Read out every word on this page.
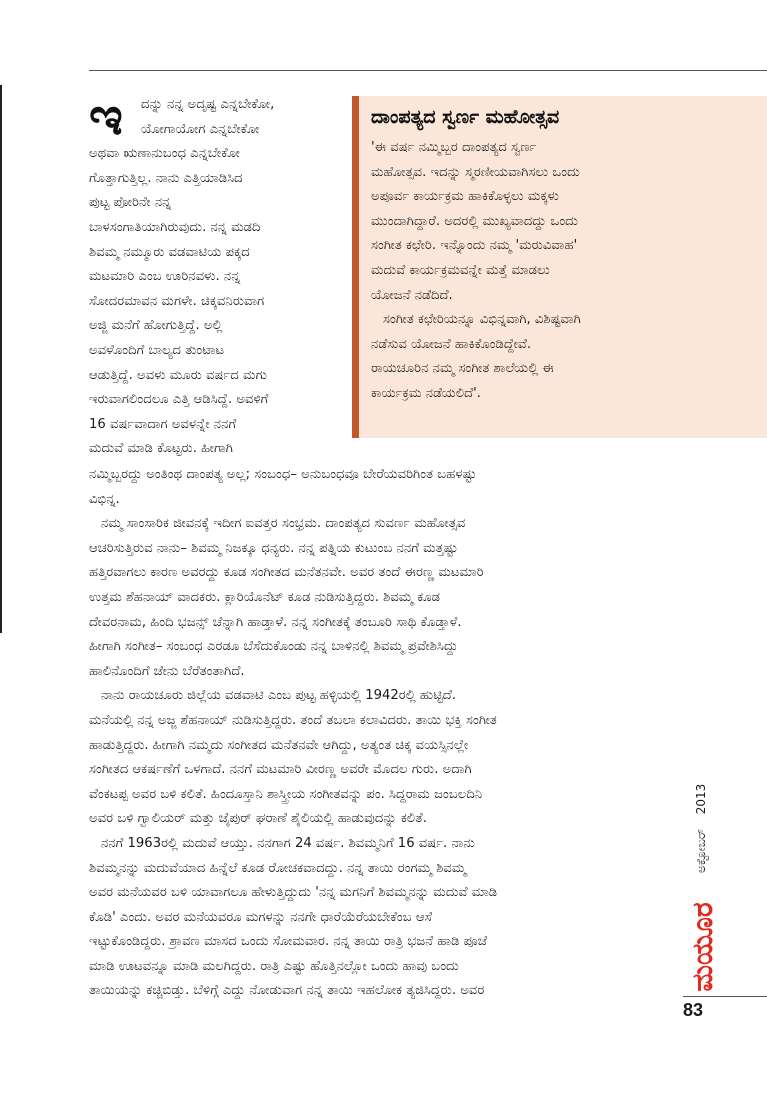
ಇ	ದನ್ನು ನನ್ನ ಅದೃಷ್ಟ ಎನ್ನಬೇಕೋ,
ಯೋಗಾಯೋಗ ಎನ್ನಬೇಕೋ
ಅಥವಾ ಋಣಾನುಬಂಧ ಎನ್ನಬೇಕೋ
ಗೊತ್ತಾಗುತ್ತಿಲ್ಲ. ನಾನು ಎತ್ತಿಯಾಡಿಸಿದ
ಪುಟ್ಟ ಪೋರಿನೇ ನನ್ನ
ಬಾಳಸಂಗಾತಿಯಾಗಿರುವುದು. ನನ್ನ ಮಡದಿ
ಶಿವಮ್ಮ ನಮ್ಮೂರು ವಡವಾಟಿಯ ಪಕ್ಕದ
ಮಟಮಾರಿ ಎಂಬ ಊರಿನವಳು. ನನ್ನ
ಸೋದರಮಾವನ ಮಗಳೇ. ಚಿಕ್ಕವನಿರುವಾಗ
ಅಜ್ಜಿ ಮನೆಗೆ ಹೋಗುತ್ತಿದ್ದೆ. ಅಲ್ಲಿ
ಅವಳೊಂದಿಗೆ ಬಾಲ್ಯದ ತುಂಟಾಟ
ಆಡುತ್ತಿದ್ದೆ. ಅವಳು ಮೂರು ವರ್ಷದ ಮಗು
ಇರುವಾಗಲಿಂದಲೂ ಎತ್ತಿ ಆಡಿಸಿದ್ದೆ. ಅವಳಿಗೆ
16 ವರ್ಷವಾದಾಗ ಅವಳನ್ನೇ ನನಗೆ
ಮದುವೆ ಮಾಡಿ ಕೊಟ್ಟರು. ಹೀಗಾಗಿ
ದಾಂಪತ್ಯದ ಸ್ವರ್ಣ ಮಹೋತ್ಸವ
'ಈ ವರ್ಷ ನಮ್ಮಿಬ್ಬರ ದಾಂಪತ್ಯದ ಸ್ವರ್ಣ
ಮಹೋತ್ಸವ. ಇದನ್ನು ಸ್ಮರಣೀಯವಾಗಿಸಲು ಒಂದು
ಅಪೂರ್ವ ಕಾರ್ಯಕ್ರಮ ಹಾಕಿಕೊಳ್ಳಲು ಮಕ್ಕಳು
ಮುಂದಾಗಿದ್ದಾರೆ. ಅದರಲ್ಲಿ ಮುಖ್ಯವಾದದ್ದು ಒಂದು
ಸಂಗೀತ ಕಛೇರಿ. ಇನ್ನೊಂದು ನಮ್ಮ 'ಮರುವಿವಾಹ'
ಮದುವೆ ಕಾರ್ಯಕ್ರಮವನ್ನೇ ಮತ್ತೆ ಮಾಡಲು
ಯೋಜನೆ ನಡೆದಿದೆ.
ಸಂಗೀತ ಕಛೇರಿಯನ್ನೂ ವಿಭಿನ್ನವಾಗಿ, ವಿಶಿಷ್ಟವಾಗಿ
ನಡೆಸುವ ಯೋಜನೆ ಹಾಕಿಕೊಂಡಿದ್ದೇವೆ.
ರಾಯಚೂರಿನ ನಮ್ಮ ಸಂಗೀತ ಶಾಲೆಯಲ್ಲಿ ಈ
ಕಾರ್ಯಕ್ರಮ ನಡೆಯಲಿದೆ'.
ನಮ್ಮಿಬ್ಬರದ್ದು ಅಂತಿಂಥ ದಾಂಪತ್ಯ ಅಲ್ಲ; ಸಂಬಂಧ– ಅನುಬಂಧವೂ ಬೇರೆಯವರಿಗಿಂತ ಬಹಳಷ್ಟು
ವಿಭಿನ್ನ.
ನಮ್ಮ ಸಾಂಸಾರಿಕ ಜೀವನಕ್ಕೆ ಇದೀಗ ಐವತ್ತರ ಸಂಭ್ರಮ. ದಾಂಪತ್ಯದ ಸುವರ್ಣ ಮಹೋತ್ಸವ
ಆಚರಿಸುತ್ತಿರುವ ನಾನು– ಶಿವಮ್ಮ ನಿಜಕ್ಕೂ ಧನ್ಯರು. ನನ್ನ ಪತ್ನಿಯ ಕುಟುಂಬ ನನಗೆ ಮತ್ತಷ್ಟು
ಹತ್ತಿರವಾಗಲು ಕಾರಣ ಅವರದ್ದು ಕೂಡ ಸಂಗೀತದ ಮನೆತನವೇ. ಅವರ ತಂದೆ ಈರಣ್ಣ ಮಟಮಾರಿ
ಉತ್ತಮ ಶೆಹನಾಯ್ ವಾದಕರು. ಕ್ಲಾರಿಯೊನೆಟ್ ಕೂಡ ನುಡಿಸುತ್ತಿದ್ದರು. ಶಿವಮ್ಮ ಕೂಡ
ದೇವರನಾಮ, ಹಿಂದಿ ಭಜನ್ಸ್ ಚೆನ್ನಾಗಿ ಹಾಡ್ತಾಳೆ. ನನ್ನ ಸಂಗೀತಕ್ಕೆ ತಂಬೂರಿ ಸಾಥಿ ಕೊಡ್ತಾಳೆ.
ಹೀಗಾಗಿ ಸಂಗೀತ– ಸಂಬಂಧ ಎರಡೂ ಬೆಸೆದುಕೊಂಡು ನನ್ನ ಬಾಳಿನಲ್ಲಿ ಶಿವಮ್ಮ ಪ್ರವೇಶಿಸಿದ್ದು
ಹಾಲಿನೊಂದಿಗೆ ಜೇನು ಬೆರೆತಂತಾಗಿದೆ.
ನಾನು ರಾಯಚೂರು ಜಿಲ್ಲೆಯ ವಡವಾಟಿ ಎಂಬ ಪುಟ್ಟ ಹಳ್ಳಿಯಲ್ಲಿ 1942ರಲ್ಲಿ ಹುಟ್ಟಿದೆ.
ಮನೆಯಲ್ಲಿ ನನ್ನ ಅಜ್ಜ ಶೆಹನಾಯ್ ನುಡಿಸುತ್ತಿದ್ದರು. ತಂದೆ ತಬಲಾ ಕಲಾವಿದರು. ತಾಯಿ ಭಕ್ತಿ ಸಂಗೀತ
ಹಾಡುತ್ತಿದ್ದರು. ಹೀಗಾಗಿ ನಮ್ಮದು ಸಂಗೀತದ ಮನೆತನವೇ ಆಗಿದ್ದು, ಅತ್ಯಂತ ಚಿಕ್ಕ ವಯಸ್ಸಿನಲ್ಲೇ
ಸಂಗೀತದ ಆಕರ್ಷಣೆಗೆ ಒಳಗಾದೆ. ನನಗೆ ಮಟಮಾರಿ ವೀರಣ್ಣ ಅವರೇ ಮೊದಲ ಗುರು. ಅದಾಗಿ
ವೆಂಕಟಪ್ಪ ಅವರ ಬಳಿ ಕಲಿತೆ. ಹಿಂದೂಸ್ತಾನಿ ಶಾಸ್ತ್ರೀಯ ಸಂಗೀತವನ್ನು ಪಂ. ಸಿದ್ದರಾಮ ಜಂಬಲದಿನಿ
ಅವರ ಬಳಿ ಗ್ವಾಲಿಯರ್ ಮತ್ತು ಜೈಪುರ್ ಘರಾಣೆ ಶೈಲಿಯಲ್ಲಿ ಹಾಡುವುದನ್ನು ಕಲಿತೆ.
ನನಗೆ 1963ರಲ್ಲಿ ಮದುವೆ ಆಯ್ತು. ನನಗಾಗ 24 ವರ್ಷ. ಶಿವಮ್ಮನಿಗೆ 16 ವರ್ಷ. ನಾನು
ಶಿವಮ್ಮನನ್ನು ಮದುವೆಯಾದ ಹಿನ್ನೆಲೆ ಕೂಡ ರೋಚಕವಾದದ್ದು. ನನ್ನ ತಾಯಿ ರಂಗಮ್ಮ ಶಿವಮ್ಮ
ಅವರ ಮನೆಯವರ ಬಳಿ ಯಾವಾಗಲೂ ಹೇಳುತ್ತಿದ್ದುದು 'ನನ್ನ ಮಗನಿಗೆ ಶಿವಮ್ಮನನ್ನು ಮದುವೆ ಮಾಡಿ
ಕೊಡಿ' ಎಂದು. ಅವರ ಮನೆಯವರೂ ಮಗಳನ್ನು ನನಗೇ ಧಾರೆಯೆರೆಯಬೇಕೆಂಬ ಆಸೆ
ಇಟ್ಟುಕೊಂಡಿದ್ದರು. ಶ್ರಾವಣ ಮಾಸದ ಒಂದು ಸೋಮವಾರ. ನನ್ನ ತಾಯಿ ರಾತ್ರಿ ಭಜನೆ ಹಾಡಿ ಪೂಜೆ
ಮಾಡಿ ಊಟವನ್ನೂ ಮಾಡಿ ಮಲಗಿದ್ದರು. ರಾತ್ರಿ ಎಷ್ಟು ಹೊತ್ತಿನಲ್ಲೋ ಒಂದು ಹಾವು ಬಂದು
ತಾಯಿಯನ್ನು ಕಚ್ಚಿಬಿಡ್ತು. ಬೆಳಿಗ್ಗೆ ಎದ್ದು ನೋಡುವಾಗ ನನ್ನ ತಾಯಿ ಇಹಲೋಕ ತ್ಯಜಿಸಿದ್ದರು. ಅವರ
2013
ಅಕ್ಟೋಬರ್
ಮಯೂರ
83
